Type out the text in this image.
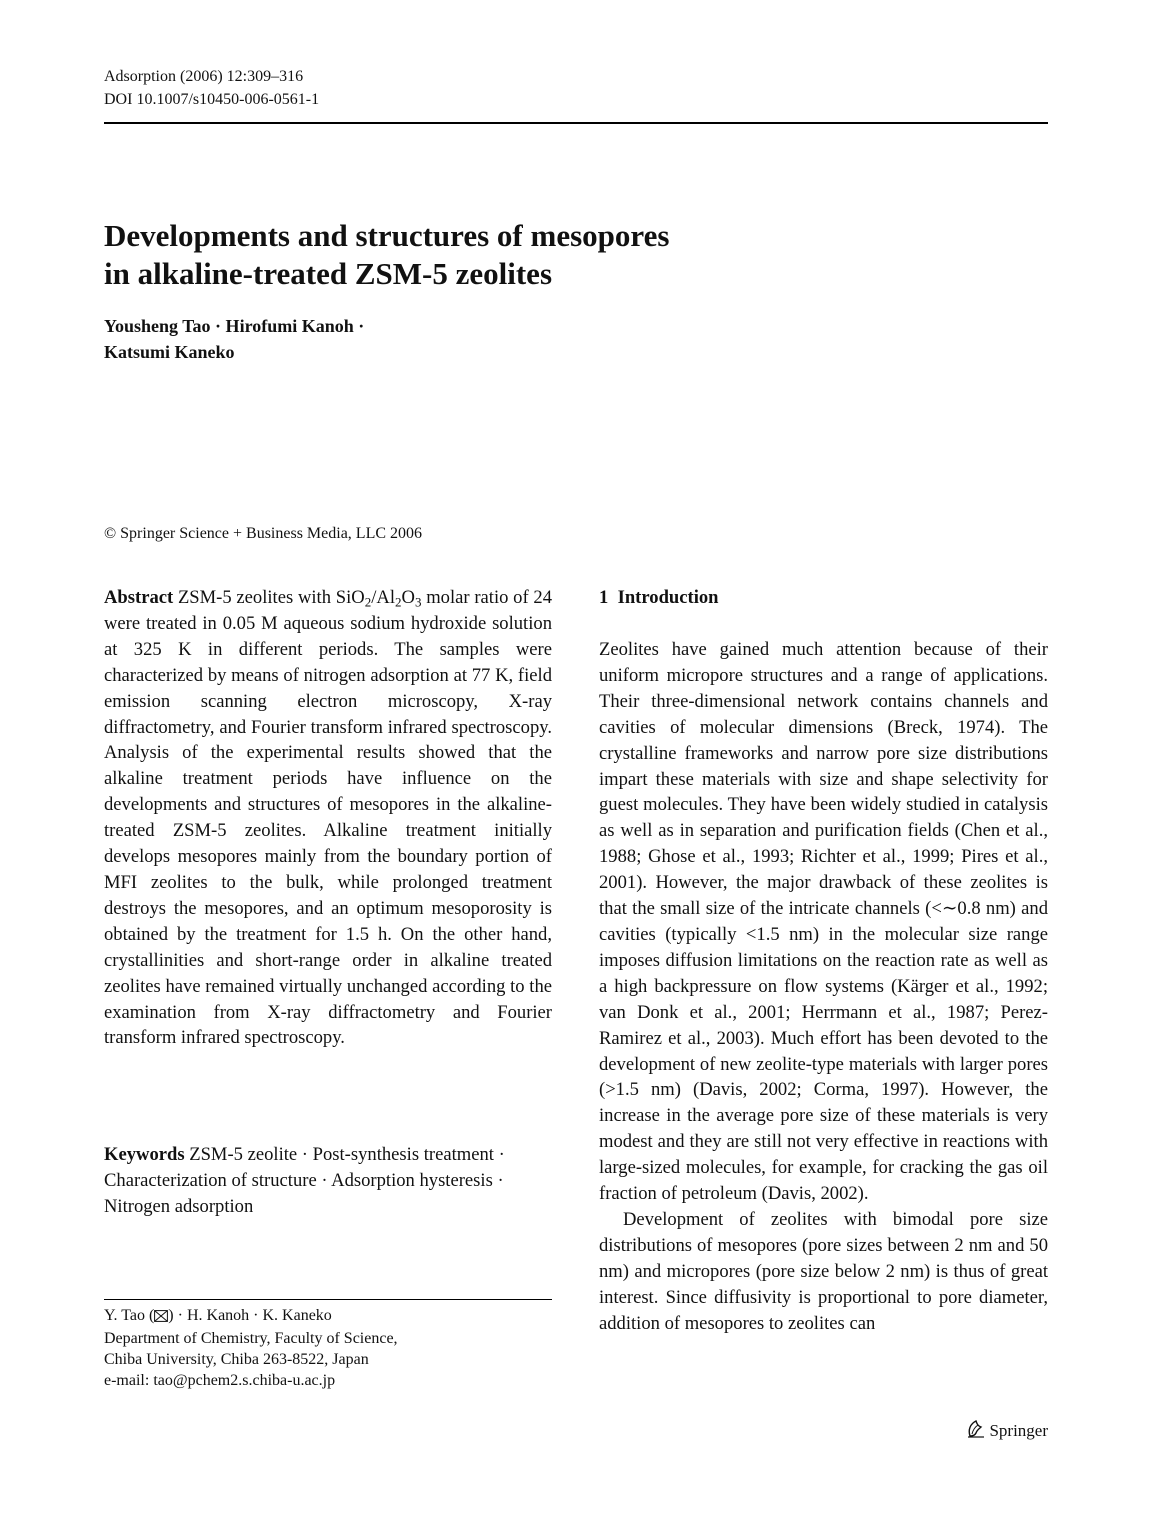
Adsorption (2006) 12:309–316
DOI 10.1007/s10450-006-0561-1
Developments and structures of mesopores
in alkaline-treated ZSM-5 zeolites
Yousheng Tao · Hirofumi Kanoh ·
Katsumi Kaneko
© Springer Science + Business Media, LLC 2006

Abstract ZSM-5 zeolites with $SiO_2/Al_2O_3$ molar ratio of 24 were treated in 0.05 M aqueous sodium hydroxide solution at 325 K in different periods. The samples were characterized by means of nitrogen adsorption at 77 K, field emission scanning electron microscopy, X-ray diffractometry, and Fourier transform infrared spectroscopy. Analysis of the experimental results showed that the alkaline treatment periods have influence on the developments and structures of mesopores in the alkaline-treated ZSM-5 zeolites. Alkaline treatment initially develops mesopores mainly from the boundary portion of MFI zeolites to the bulk, while prolonged treatment destroys the mesopores, and an optimum mesoporosity is obtained by the treatment for 1.5 h. On the other hand, crystallinities and short-range order in alkaline treated zeolites have remained virtually unchanged according to the examination from X-ray diffractometry and Fourier transform infrared spectroscopy.

Keywords ZSM-5 zeolite · Post-synthesis treatment · Characterization of structure · Adsorption hysteresis · Nitrogen adsorption

Y. Tao ( ) · H. Kanoh · K. Kaneko
Department of Chemistry, Faculty of Science,
Chiba University, Chiba 263-8522, Japan
e-mail: tao@pchem2.s.chiba-u.ac.jp
1 Introduction

Zeolites have gained much attention because of their uniform micropore structures and a range of applications. Their three-dimensional network contains channels and cavities of molecular dimensions (Breck, 1974). The crystalline frameworks and narrow pore size distributions impart these materials with size and shape selectivity for guest molecules. They have been widely studied in catalysis as well as in separation and purification fields (Chen et al., 1988; Ghose et al., 1993; Richter et al., 1999; Pires et al., 2001). However, the major drawback of these zeolites is that the small size of the intricate channels (<∼0.8 nm) and cavities (typically <1.5 nm) in the molecular size range imposes diffusion limitations on the reaction rate as well as a high backpressure on flow systems (Kärger et al., 1992; van Donk et al., 2001; Herrmann et al., 1987; Perez-Ramirez et al., 2003). Much effort has been devoted to the development of new zeolite-type materials with larger pores (>1.5 nm) (Davis, 2002; Corma, 1997). However, the increase in the average pore size of these materials is very modest and they are still not very effective in reactions with large-sized molecules, for example, for cracking the gas oil fraction of petroleum (Davis, 2002).

Development of zeolites with bimodal pore size distributions of mesopores (pore sizes between 2 nm and 50 nm) and micropores (pore size below 2 nm) is thus of great interest. Since diffusivity is proportional to pore diameter, addition of mesopores to zeolites can

Springer
